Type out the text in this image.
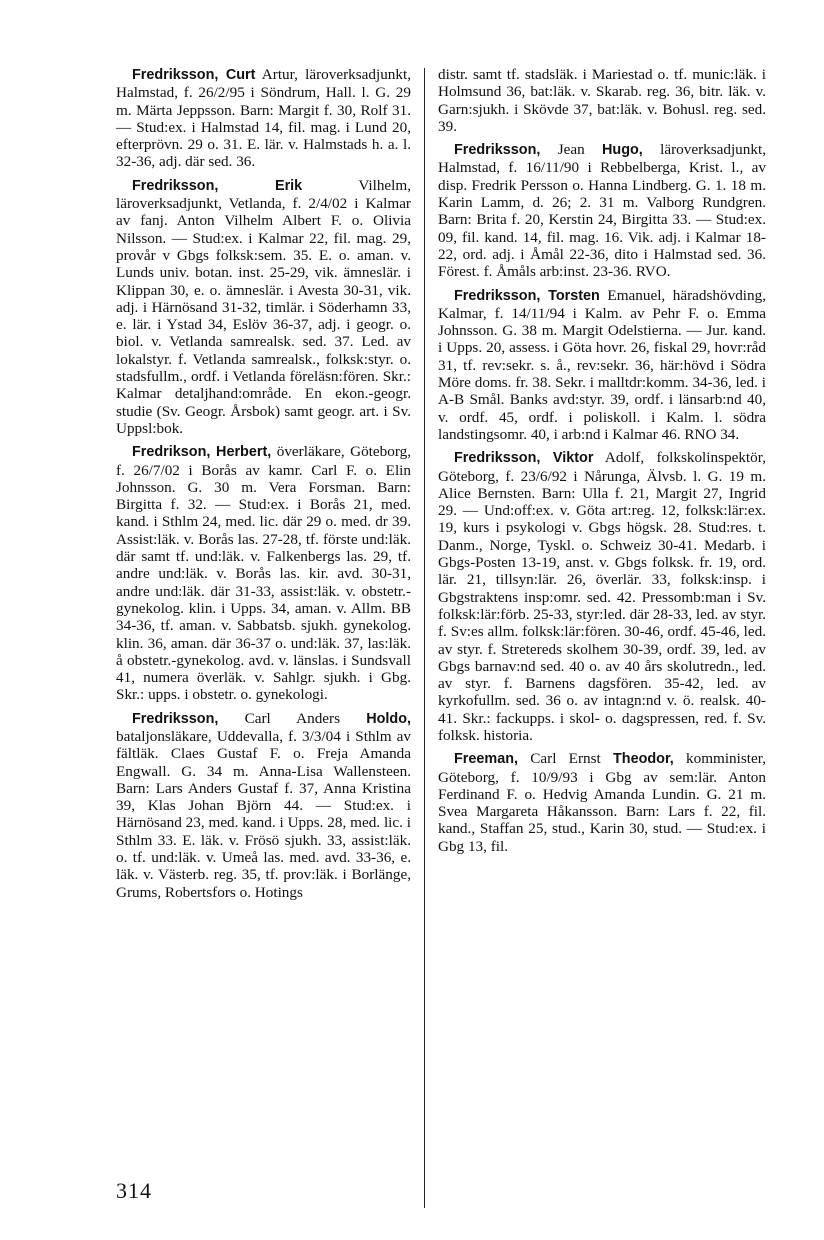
Fredriksson, Curt Artur, läroverksadjunkt, Halmstad, f. 26/2/95 i Söndrum, Hall. l. G. 29 m. Märta Jeppsson. Barn: Margit f. 30, Rolf 31. — Stud:ex. i Halmstad 14, fil. mag. i Lund 20, efterprövn. 29 o. 31. E. lär. v. Halmstads h. a. l. 32-36, adj. där sed. 36.

Fredriksson, Erik Vilhelm, läroverksadjunkt, Vetlanda, f. 2/4/02 i Kalmar av fanj. Anton Vilhelm Albert F. o. Olivia Nilsson. — Stud:ex. i Kalmar 22, fil. mag. 29, provår v Gbgs folksk:sem. 35. E. o. aman. v. Lunds univ. botan. inst. 25-29, vik. ämneslär. i Klippan 30, e. o. ämneslär. i Avesta 30-31, vik. adj. i Härnösand 31-32, timlär. i Söderhamn 33, e. lär. i Ystad 34, Eslöv 36-37, adj. i geogr. o. biol. v. Vetlanda samrealsk. sed. 37. Led. av lokalstyr. f. Vetlanda samrealsk., folksk:styr. o. stadsfullm., ordf. i Vetlanda föreläsn:fören. Skr.: Kalmar detaljhand:område. En ekon.-geogr. studie (Sv. Geogr. Årsbok) samt geogr. art. i Sv. Uppsl:bok.

Fredrikson, Herbert, överläkare, Göteborg, f. 26/7/02 i Borås av kamr. Carl F. o. Elin Johnsson. G. 30 m. Vera Forsman. Barn: Birgitta f. 32. — Stud:ex. i Borås 21, med. kand. i Sthlm 24, med. lic. där 29 o. med. dr 39. Assist:läk. v. Borås las. 27-28, tf. förste und:läk. där samt tf. und:läk. v. Falkenbergs las. 29, tf. andre und:läk. v. Borås las. kir. avd. 30-31, andre und:läk. där 31-33, assist:läk. v. obstetr.-gynekolog. klin. i Upps. 34, aman. v. Allm. BB 34-36, tf. aman. v. Sabbatsb. sjukh. gynekolog. klin. 36, aman. där 36-37 o. und:läk. 37, las:läk. å obstetr.-gynekolog. avd. v. länslas. i Sundsvall 41, numera överläk. v. Sahlgr. sjukh. i Gbg. Skr.: upps. i obstetr. o. gynekologi.

Fredriksson, Carl Anders Holdo, bataljonsläkare, Uddevalla, f. 3/3/04 i Sthlm av fältläk. Claes Gustaf F. o. Freja Amanda Engwall. G. 34 m. Anna-Lisa Wallensteen. Barn: Lars Anders Gustaf f. 37, Anna Kristina 39, Klas Johan Björn 44. — Stud:ex. i Härnösand 23, med. kand. i Upps. 28, med. lic. i Sthlm 33. E. läk. v. Frösö sjukh. 33, assist:läk. o. tf. und:läk. v. Umeå las. med. avd. 33-36, e. läk. v. Västerb. reg. 35, tf. prov:läk. i Borlänge, Grums, Robertsfors o. Hotings

distr. samt tf. stadsläk. i Mariestad o. tf. munic:läk. i Holmsund 36, bat:läk. v. Skarab. reg. 36, bitr. läk. v. Garn:sjukh. i Skövde 37, bat:läk. v. Bohusl. reg. sed. 39.

Fredriksson, Jean Hugo, läroverksadjunkt, Halmstad, f. 16/11/90 i Rebbelberga, Krist. l., av disp. Fredrik Persson o. Hanna Lindberg. G. 1. 18 m. Karin Lamm, d. 26; 2. 31 m. Valborg Rundgren. Barn: Brita f. 20, Kerstin 24, Birgitta 33. — Stud:ex. 09, fil. kand. 14, fil. mag. 16. Vik. adj. i Kalmar 18-22, ord. adj. i Åmål 22-36, dito i Halmstad sed. 36. Förest. f. Åmåls arb:inst. 23-36. RVO.

Fredriksson, Torsten Emanuel, häradshövding, Kalmar, f. 14/11/94 i Kalm. av Pehr F. o. Emma Johnsson. G. 38 m. Margit Odelstierna. — Jur. kand. i Upps. 20, assess. i Göta hovr. 26, fiskal 29, hovr:råd 31, tf. rev:sekr. s. å., rev:sekr. 36, här:hövd i Södra Möre doms. fr. 38. Sekr. i malltdr:komm. 34-36, led. i A-B Smål. Banks avd:styr. 39, ordf. i länsarb:nd 40, v. ordf. 45, ordf. i poliskoll. i Kalm. l. södra landstingsomr. 40, i arb:nd i Kalmar 46. RNO 34.

Fredriksson, Viktor Adolf, folkskolinspektör, Göteborg, f. 23/6/92 i Nårunga, Älvsb. l. G. 19 m. Alice Bernsten. Barn: Ulla f. 21, Margit 27, Ingrid 29. — Und:off:ex. v. Göta art:reg. 12, folksk:lär:ex. 19, kurs i psykologi v. Gbgs högsk. 28. Stud:res. t. Danm., Norge, Tyskl. o. Schweiz 30-41. Medarb. i Gbgs-Posten 13-19, anst. v. Gbgs folksk. fr. 19, ord. lär. 21, tillsyn:lär. 26, överlär. 33, folksk:insp. i Gbgstraktens insp:omr. sed. 42. Pressomb:man i Sv. folksk:lär:förb. 25-33, styr:led. där 28-33, led. av styr. f. Sv:es allm. folksk:lär:fören. 30-46, ordf. 45-46, led. av styr. f. Stretereds skolhem 30-39, ordf. 39, led. av Gbgs barnav:nd sed. 40 o. av 40 års skolutredn., led. av styr. f. Barnens dagsfören. 35-42, led. av kyrkofullm. sed. 36 o. av intagn:nd v. ö. realsk. 40-41. Skr.: fackupps. i skol- o. dagspressen, red. f. Sv. folksk. historia.

Freeman, Carl Ernst Theodor, komminister, Göteborg, f. 10/9/93 i Gbg av sem:lär. Anton Ferdinand F. o. Hedvig Amanda Lundin. G. 21 m. Svea Margareta Håkansson. Barn: Lars f. 22, fil. kand., Staffan 25, stud., Karin 30, stud. — Stud:ex. i Gbg 13, fil.

314
